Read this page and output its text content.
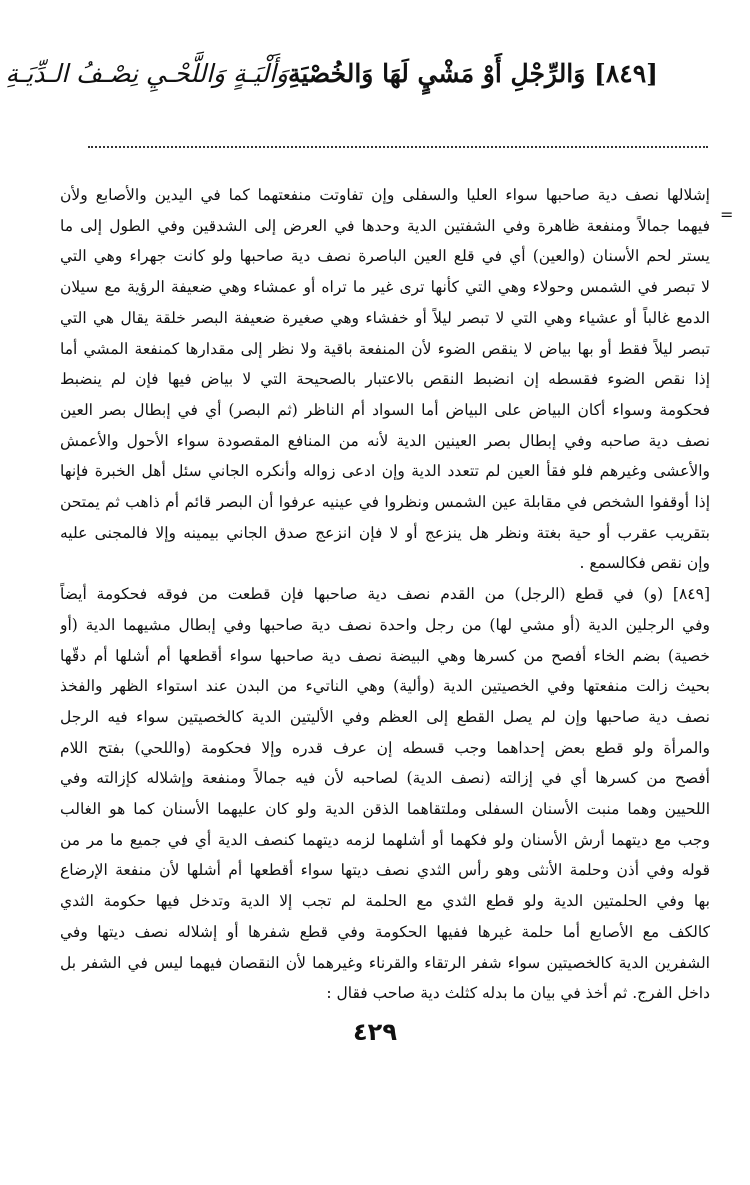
[٨٤٩] وَالرِّجْلِ أَوْ مَشْيٍ لَهَا وَالخُصْيَةِ
وَأَلْيَـةٍ وَاللَّحْـيِ نِصْـفُ الـدِّيَـةِ
=
إشلالها نصف دية صاحبها سواء العليا والسفلى وإن تفاوتت منفعتهما كما في اليدين والأصابع ولأن
فيهما جمالاً ومنفعة ظاهرة وفي الشفتين الدية وحدها في العرض إلى الشدقين وفي الطول إلى ما
يستر لحم الأسنان (والعين) أي في قلع العين الباصرة نصف دية صاحبها ولو كانت جهراء وهي التي
لا تبصر في الشمس وحولاء وهي التي كأنها ترى غير ما تراه أو عمشاء وهي ضعيفة الرؤية مع سيلان
الدمع غالباً أو عشياء وهي التي لا تبصر ليلاً أو خفشاء وهي صغيرة ضعيفة البصر خلقة يقال هي التي
تبصر ليلاً فقط أو بها بياض لا ينقص الضوء لأن المنفعة باقية ولا نظر إلى مقدارها كمنفعة المشي أما
إذا نقص الضوء فقسطه إن انضبط النقص بالاعتبار بالصحيحة التي لا بياض فيها فإن لم ينضبط
فحكومة وسواء أكان البياض على البياض أما السواد أم الناظر (ثم البصر) أي في إبطال بصر العين
نصف دية صاحبه وفي إبطال بصر العينين الدية لأنه من المنافع المقصودة سواء الأحول والأعمش
والأعشى وغيرهم فلو فقأ العين لم تتعدد الدية وإن ادعى زواله وأنكره الجاني سئل أهل الخبرة فإنها
إذا أوقفوا الشخص في مقابلة عين الشمس ونظروا في عينيه عرفوا أن البصر قائم أم ذاهب ثم يمتحن
بتقريب عقرب أو حية بغتة ونظر هل ينزعج أو لا فإن انزعج صدق الجاني بيمينه وإلا فالمجنى عليه
وإن نقص فكالسمع .
[٨٤٩] (و) في قطع (الرجل) من القدم نصف دية صاحبها فإن قطعت من فوقه فحكومة أيضاً
وفي الرجلين الدية (أو مشي لها) من رجل واحدة نصف دية صاحبها وفي إبطال مشيهما الدية (أو
خصية) بضم الخاء أفصح من كسرها وهي البيضة نصف دية صاحبها سواء أقطعها أم أشلها أم دقّها
بحيث زالت منفعتها وفي الخصيتين الدية (وألية) وهي الناتيء من البدن عند استواء الظهر والفخذ
نصف دية صاحبها وإن لم يصل القطع إلى العظم وفي الأليتين الدية كالخصيتين سواء فيه الرجل
والمرأة ولو قطع بعض إحداهما وجب قسطه إن عرف قدره وإلا فحكومة (واللحي) بفتح اللام
أفصح من كسرها أي في إزالته (نصف الدية) لصاحبه لأن فيه جمالاً ومنفعة وإشلاله كإزالته وفي
اللحيين وهما منبت الأسنان السفلى وملتقاهما الذقن الدية ولو كان عليهما الأسنان كما هو الغالب
وجب مع ديتهما أرش الأسنان ولو فكهما أو أشلهما لزمه ديتهما كنصف الدية أي في جميع ما مر من
قوله وفي أذن وحلمة الأنثى وهو رأس الثدي نصف ديتها سواء أقطعها أم أشلها لأن منفعة الإرضاع
بها وفي الحلمتين الدية ولو قطع الثدي مع الحلمة لم تجب إلا الدية وتدخل فيها حكومة الثدي
كالكف مع الأصابع أما حلمة غيرها ففيها الحكومة وفي قطع شفرها أو إشلاله نصف ديتها وفي
الشفرين الدية كالخصيتين سواء شفر الرتقاء والقرناء وغيرهما لأن النقصان فيهما ليس في الشفر بل
داخل الفرج. ثم أخذ في بيان ما بدله كثلث دية صاحب فقال :
٤٢٩
